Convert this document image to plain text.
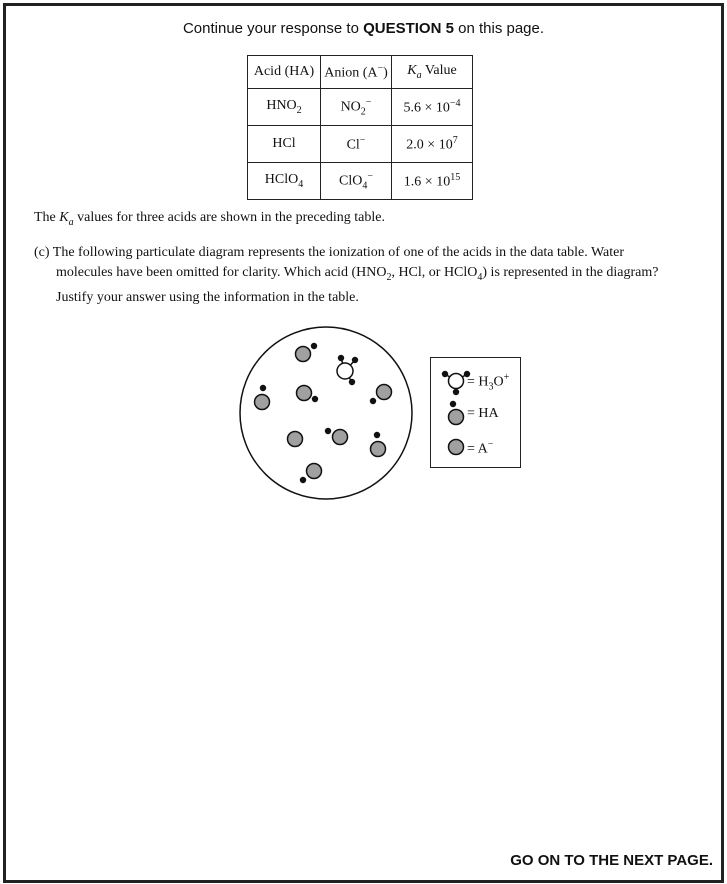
Continue your response to QUESTION 5 on this page.
Acid (HA)	Anion (A−)	$K_a$ Value
$HNO_2$	$NO_2^-$	$5.6 \times 10^{-4}$
HCl	Cl−	$2.0 \times 10^7$
HClO$_4$	ClO$_4$−	$1.6 \times 10^{15}$
The $K_a$ values for three acids are shown in the preceding table.
(c) The following particulate diagram represents the ionization of one of the acids in the data table. Water
molecules have been omitted for clarity. Which acid ($HNO_2$, HCl, or HClO$_4$) is represented in the diagram?
Justify your answer using the information in the table.
= $H_3O^+$
= HA
= A−
GO ON TO THE NEXT PAGE.
